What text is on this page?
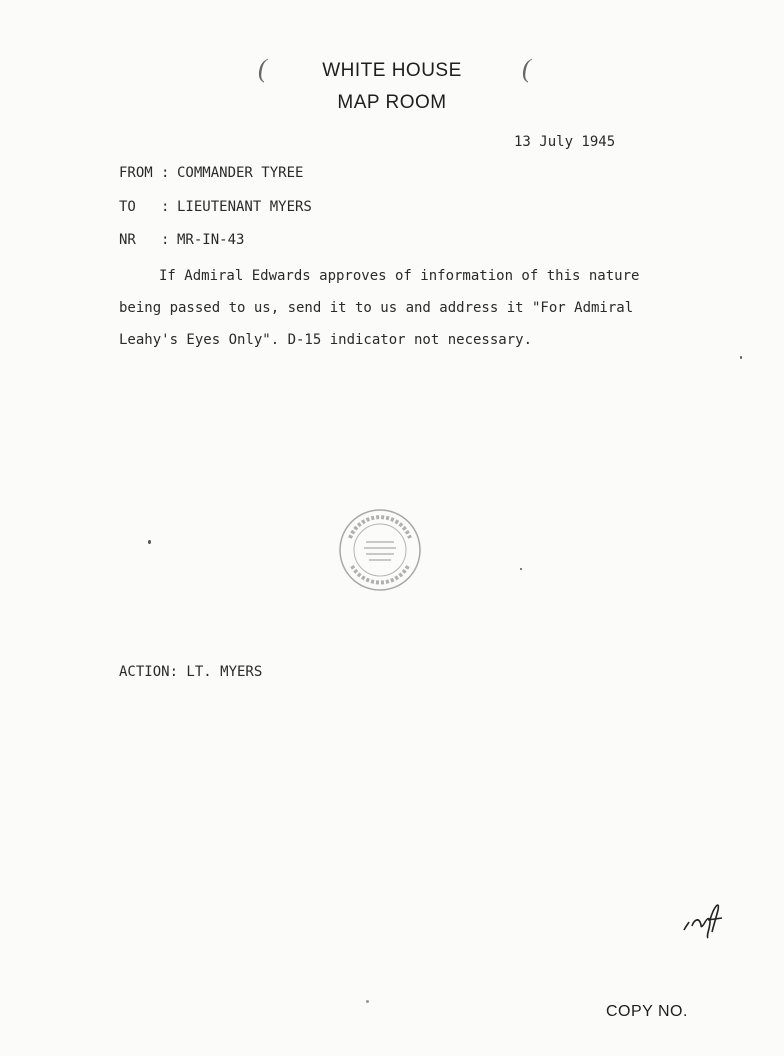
(	(
WHITE HOUSE
MAP ROOM
13 July 1945
FROM : COMMANDER TYREE
TO : LIEUTENANT MYERS
NR : MR-IN-43
If Admiral Edwards approves of information of this nature being passed to us, send it to us and address it "For Admiral Leahy's Eyes Only". D-15 indicator not necessary.
ACTION: LT. MYERS
COPY NO.
